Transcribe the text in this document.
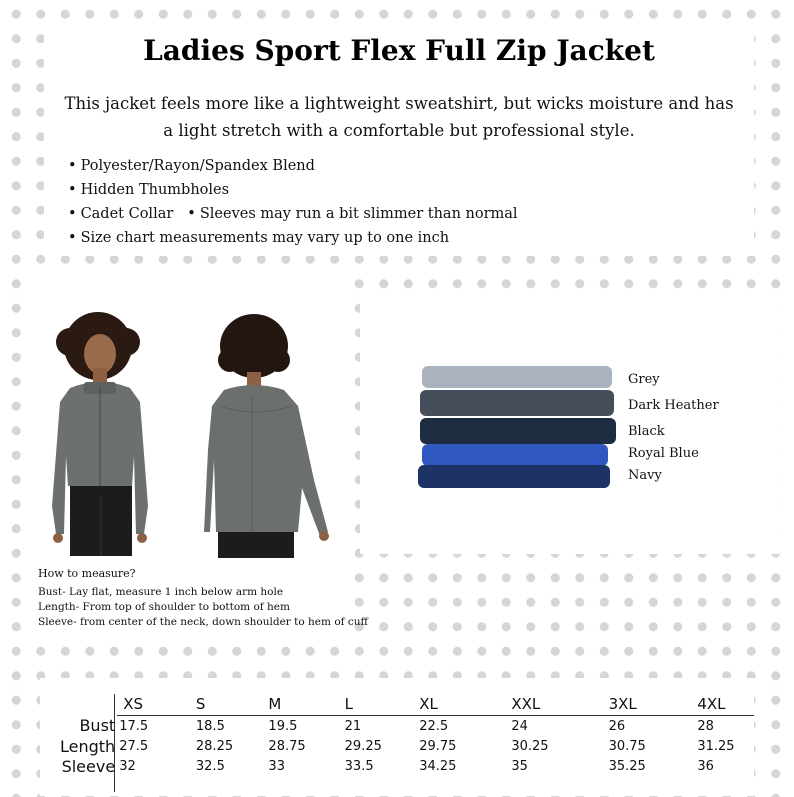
Ladies Sport Flex Full Zip Jacket

This jacket feels more like a lightweight sweatshirt, but wicks moisture and has a light stretch with a comfortable but professional style.

• Polyester/Rayon/Spandex Blend
• Hidden Thumbholes
• Cadet Collar • Sleeves may run a bit slimmer than normal
• Size chart measurements may vary up to one inch
How to measure?
Bust- Lay flat, measure 1 inch below arm hole
Length- From top of shoulder to bottom of hem
Sleeve- from center of the neck, down shoulder to hem of cuff
Grey
Dark Heather
Black
Royal Blue
Navy
	XS	S	M	L	XL	XXL	3XL	4XL
Bust	17.5	18.5	19.5	21	22.5	24	26	28
Length	27.5	28.25	28.75	29.25	29.75	30.25	30.75	31.25
Sleeve	32	32.5	33	33.5	34.25	35	35.25	36
